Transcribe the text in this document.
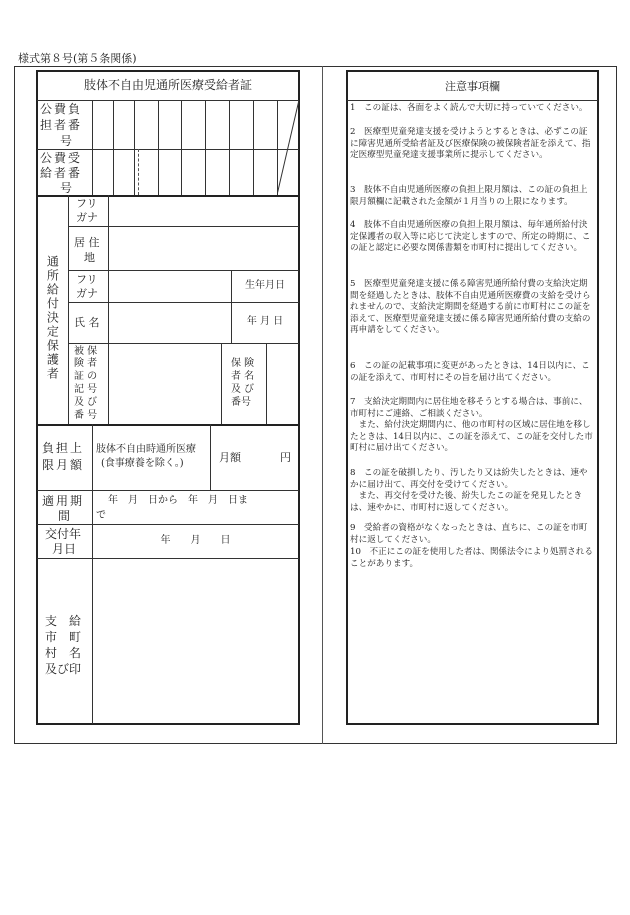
様式第８号(第５条関係)
肢体不自由児通所医療受給者証
公費負
担者番
号
公費受
給者番
号
通所給付決定保護者
フリ
ガナ
居 住
地
フリ
ガナ
氏 名
生年月日
年 月 日
被 保
険 者
証 の
記 号
及 び
番 号
保 険
者 名
及 び
番号
負担上
限月額
肢体不自由時通所医療
(食事療養を除く。)	月額	円
適用期
間
年　月　日から　年　月　日ま
で
交付年
月日
年　　月　　日
支　給
市　町
村　名
及び印
注意事項欄
1　この証は、各面をよく読んで大切に持っていてください。
2　医療型児童発達支援を受けようとするときは、必ずこの証に障害児通所受給者証及び医療保険の被保険者証を添えて、指定医療型児童発達支援事業所に提示してください。
3　肢体不自由児通所医療の負担上限月額は、この証の負担上限月額欄に記載された金額が１月当りの上限になります。
4　肢体不自由児通所医療の負担上限月額は、毎年通所給付決定保護者の収入等に応じて決定しますので、所定の時期に、この証と認定に必要な関係書類を市町村に提出してください。
5　医療型児童発達支援に係る障害児通所給付費の支給決定期間を経過したときは、肢体不自由児通所医療費の支給を受けられませんので、支給決定期間を経過する前に市町村にこの証を添えて、医療型児童発達支援に係る障害児通所給付費の支給の再申請をしてください。
6　この証の記載事項に変更があったときは、14日以内に、この証を添えて、市町村にその旨を届け出てください。
7　支給決定期間内に居住地を移そうとする場合は、事前に、市町村にご連絡、ご相談ください。
　また、給付決定期間内に、他の市町村の区域に居住地を移したときは、14日以内に、この証を添えて、この証を交付した市町村に届け出てください。
8　この証を破損したり、汚したり又は紛失したときは、速やかに届け出て、再交付を受けてください。
　また、再交付を受けた後、紛失したこの証を発見したときは、速やかに、市町村に返してください。
9　受給者の資格がなくなったときは、直ちに、この証を市町村に返してください。
10　不正にこの証を使用した者は、関係法令により処罰されることがあります。
